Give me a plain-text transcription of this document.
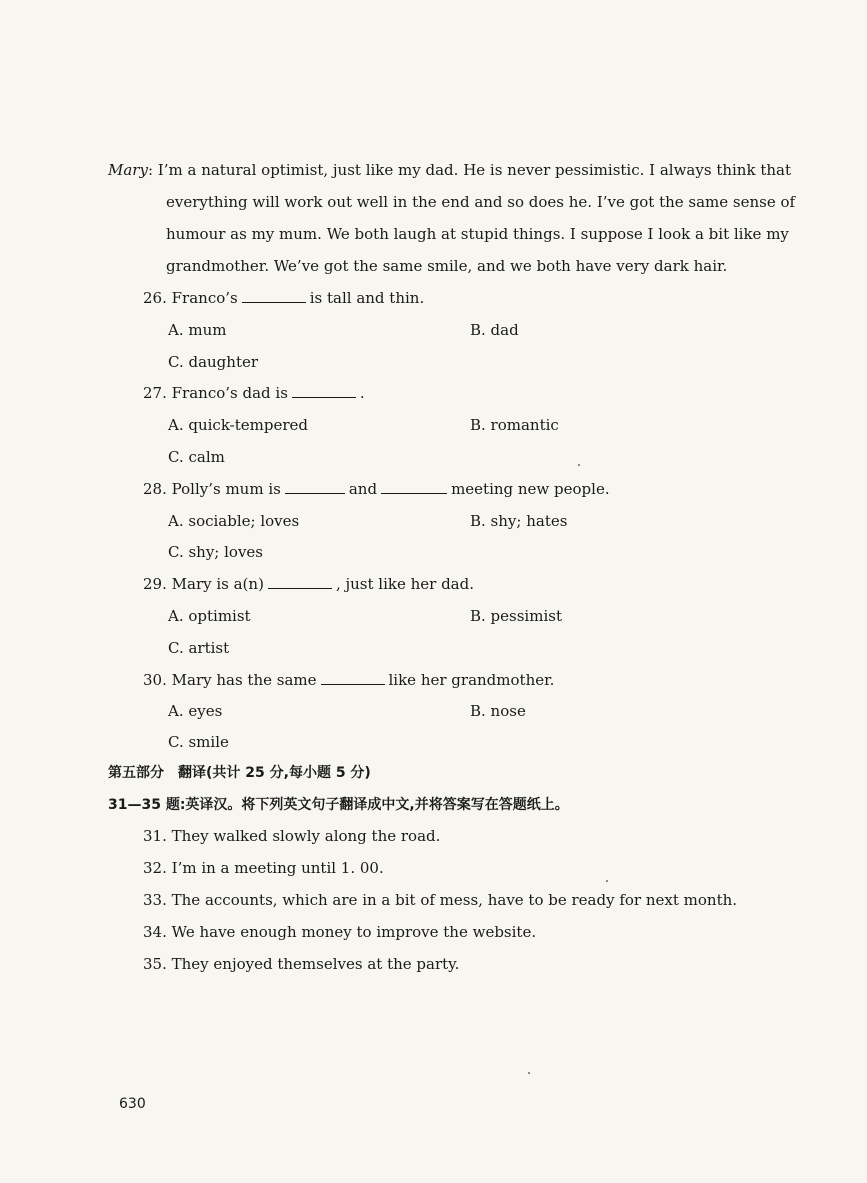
Mary: I’m a natural optimist, just like my dad. He is never pessimistic. I always think that
everything will work out well in the end and so does he. I’ve got the same sense of
humour as my mum. We both laugh at stupid things. I suppose I look a bit like my
grandmother. We’ve got the same smile, and we both have very dark hair.
26. Franco’s	is tall and thin.
A. mum	B. dad
C. daughter
27. Franco’s dad is	.
A. quick-tempered	B. romantic
C. calm
28. Polly’s mum is	and	meeting new people.
A. sociable; loves	B. shy; hates
C. shy; loves
29. Mary is a(n)	, just like her dad.
A. optimist	B. pessimist
C. artist
30. Mary has the same	like her grandmother.
A. eyes	B. nose
C. smile
第五部分　翻译(共计 25 分,每小题 5 分)
31—35 题:英译汉。将下列英文句子翻译成中文,并将答案写在答题纸上。
31. They walked slowly along the road.
32. I’m in a meeting until 1. 00.
33. The accounts, which are in a bit of mess, have to be ready for next month.
34. We have enough money to improve the website.
35. They enjoyed themselves at the party.
630
